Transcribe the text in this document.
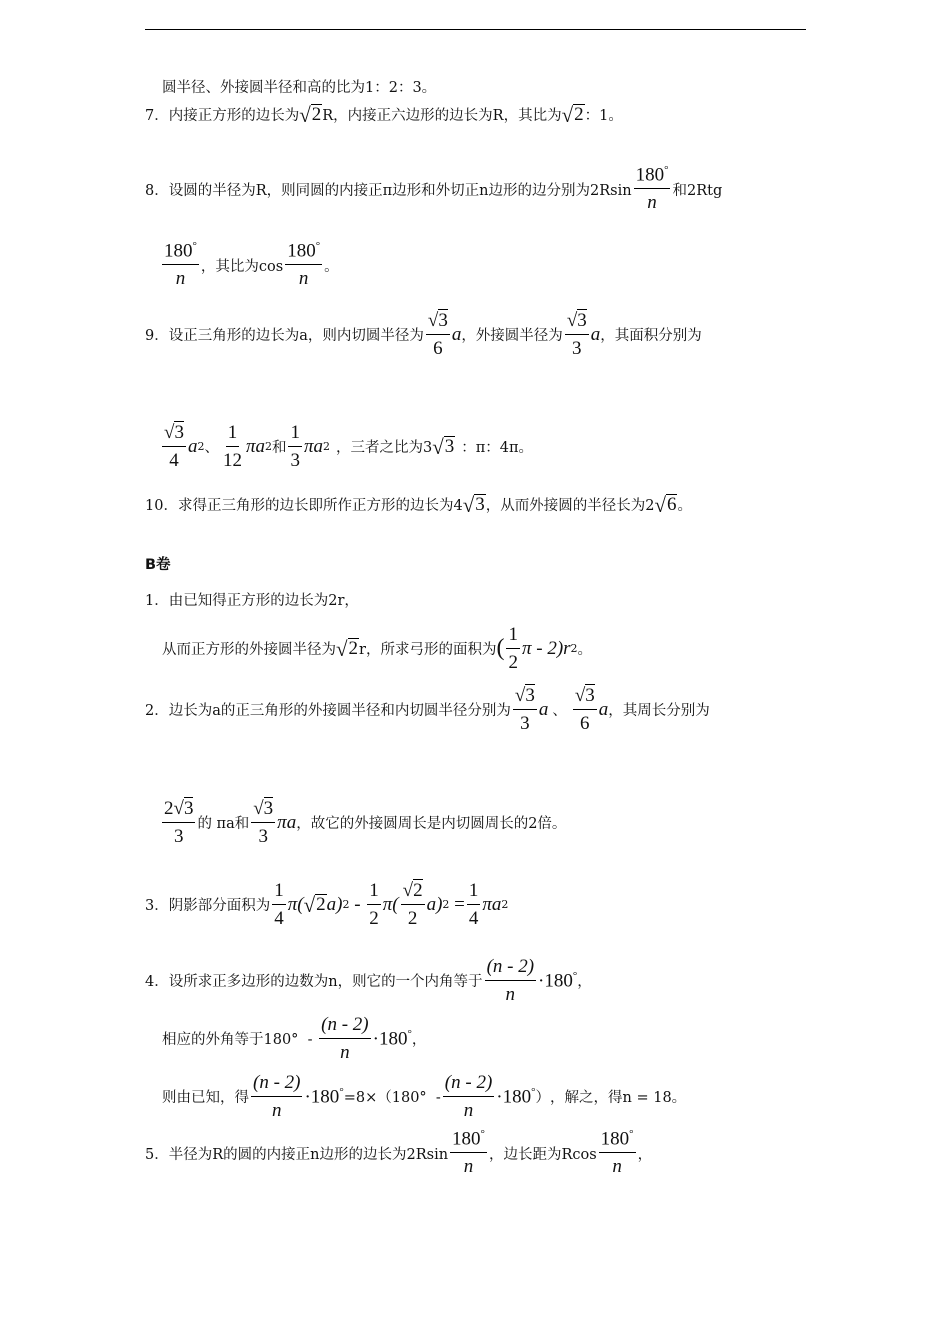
圆半径、外接圆半径和高的比为1：2：3。
7．内接正方形的边长为 √ 2 R，内接正六边形的边长为R，其比为 √ 2 ：1。
8．设圆的半径为R，则同圆的内接正π边形和外切正n边形的边分别为$2Rsin \frac{180^\circ}{n}$ 和2Rtg
$\frac{180^\circ}{n}$ ，其比为$\cos \frac{180^\circ}{n}$ 。
9．设正三角形的边长为a，则内切圆半径为 $\frac{√3}{6}$ a ，外接圆半径为 $\frac{√3}{3}$ a ，其面积分别为
$\frac{√3}{4}$ a 2 、 $\frac{1}{12}$ πa 2 和 $\frac{1}{3}$ πa 2 ，三者之比为3 √ 3 ：π：4π。
10．求得正三角形的边长即所作正方形的边长为4 √ 3 ，从而外接圆的半径长为2 √ 6 。
B卷
1．由已知得正方形的边长为2r，
从而正方形的外接圆半径为 √ 2 r，所求弓形的面积为 ( $\frac{1}{2}$ π - 2)r 2 。
2．边长为a的正三角形的外接圆半径和内切圆半径分别为 $\frac{√3}{3}$ a 、 $\frac{√3}{6}$ a ，其周长分别为
$\frac{2√3}{3}$ 的 πa和 $\frac{√3}{3}$ πa ，故它的外接圆周长是内切圆周长的2倍。
3．阴影部分面积为 $\frac{1}{4} \pi$( √ 2 a) $2 - \frac{1}{2} \pi( \frac{√2}{2} a) 2 = \frac{1}{4}$ πa 2
4．设所求正多边形的边数为n，则它的一个内角等于 $\frac{(n - 2)}{n} \cdot 180^\circ$ ，
相应的外角等于$180^\circ - \frac{(n - 2)}{n} \cdot 180^\circ$ ，
则由已知，得 $\frac{(n - 2)}{n} \cdot 180^\circ =8\times(180^\circ - \frac{(n - 2)}{n} \cdot 180^\circ$ ） ，解之，得n = 18。
5．半径为R的圆的内接正n边形的边长为$2Rsin \frac{180^\circ}{n}$ ，边长距为Rcos $\frac{180^\circ}{n}$ ，
